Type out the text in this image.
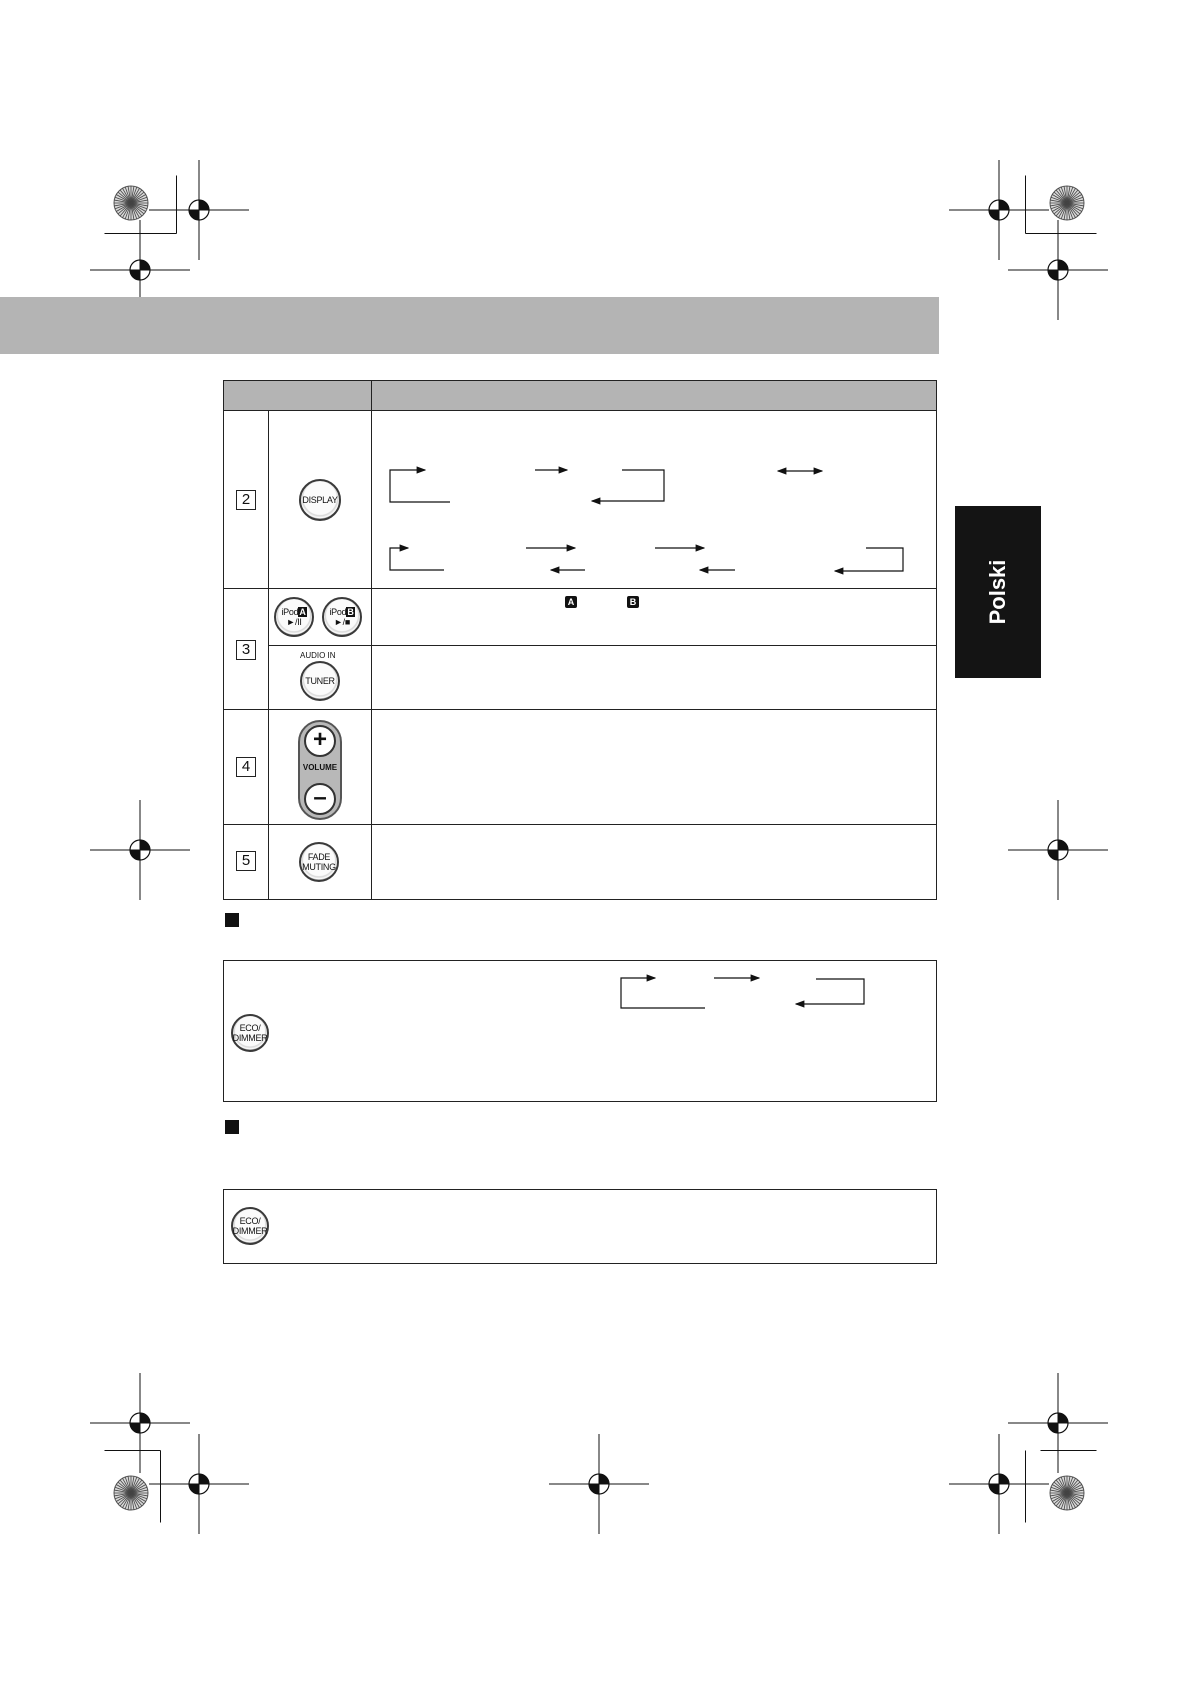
Polski
2
3
4
5
DISPLAY
iPodA
►/II
iPodB
►/■
AUDIO IN
TUNER
A	B
+
VOLUME
–
FADE
MUTING
ECO/
DIMMER
ECO/
DIMMER
